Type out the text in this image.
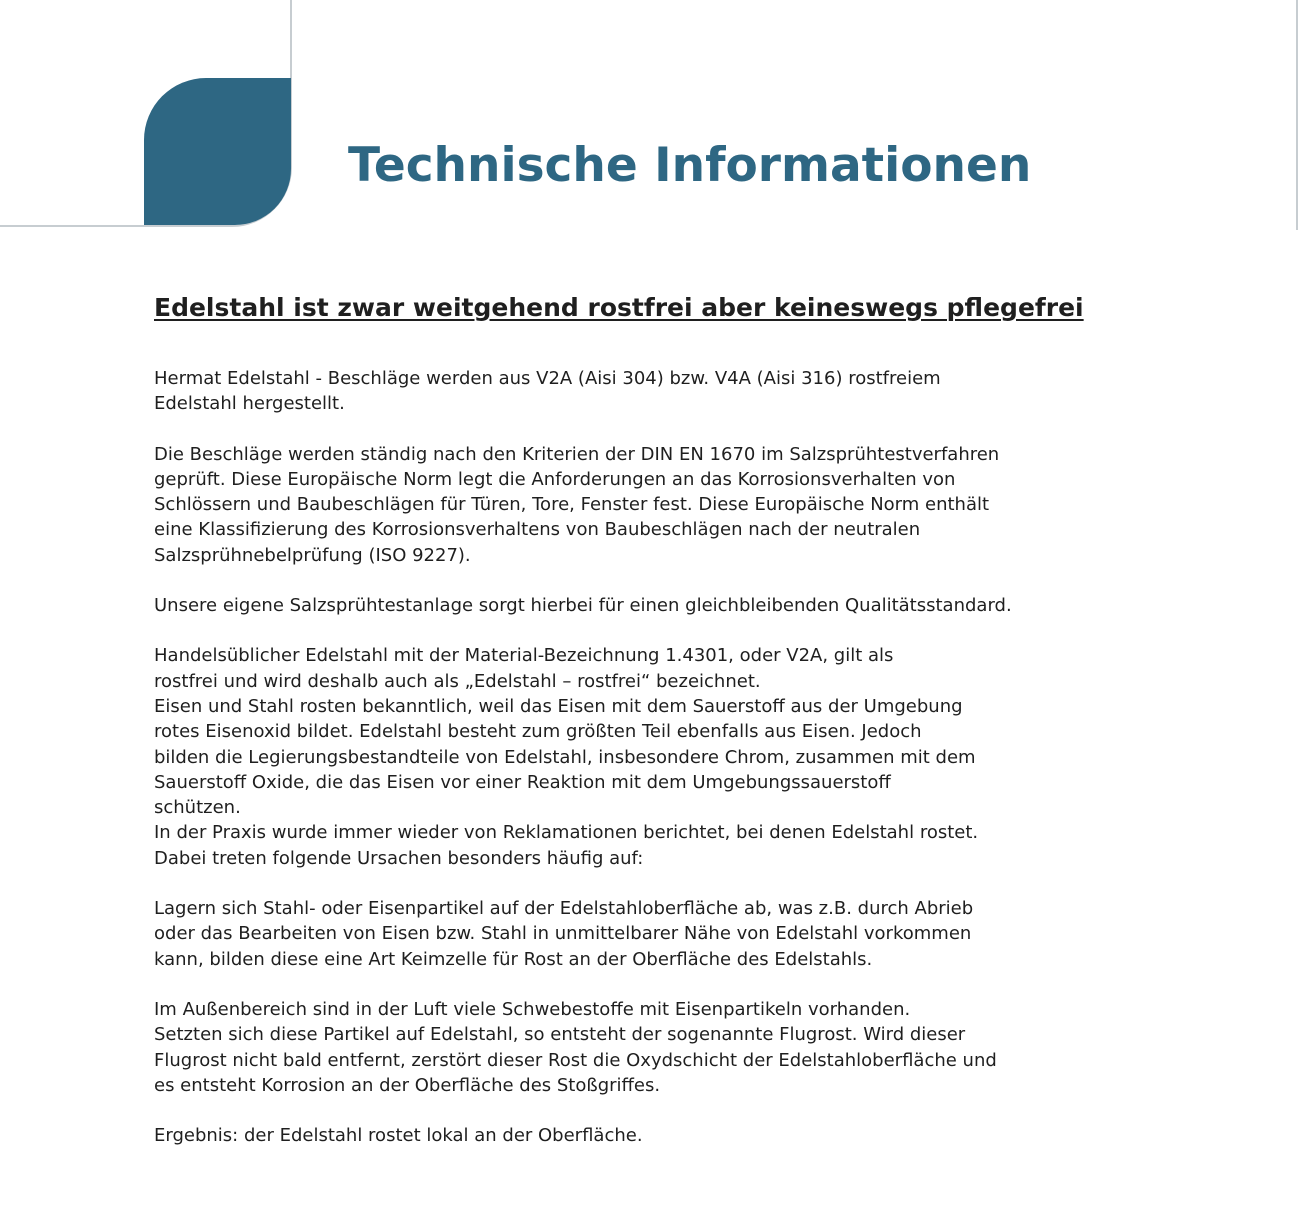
Technische Informationen
Edelstahl ist zwar weitgehend rostfrei aber keineswegs pflegefrei

Hermat Edelstahl - Beschläge werden aus V2A (Aisi 304) bzw. V4A (Aisi 316) rostfreiem
Edelstahl hergestellt.

Die Beschläge werden ständig nach den Kriterien der DIN EN 1670 im Salzsprühtestverfahren
geprüft. Diese Europäische Norm legt die Anforderungen an das Korrosionsverhalten von
Schlössern und Baubeschlägen für Türen, Tore, Fenster fest. Diese Europäische Norm enthält
eine Klassifizierung des Korrosionsverhaltens von Baubeschlägen nach der neutralen
Salzsprühnebelprüfung (ISO 9227).

Unsere eigene Salzsprühtestanlage sorgt hierbei für einen gleichbleibenden Qualitätsstandard.

Handelsüblicher Edelstahl mit der Material-Bezeichnung 1.4301, oder V2A, gilt als
rostfrei und wird deshalb auch als „Edelstahl – rostfrei“ bezeichnet.
Eisen und Stahl rosten bekanntlich, weil das Eisen mit dem Sauerstoff aus der Umgebung
rotes Eisenoxid bildet. Edelstahl besteht zum größten Teil ebenfalls aus Eisen. Jedoch
bilden die Legierungsbestandteile von Edelstahl, insbesondere Chrom, zusammen mit dem
Sauerstoff Oxide, die das Eisen vor einer Reaktion mit dem Umgebungssauerstoff
schützen.
In der Praxis wurde immer wieder von Reklamationen berichtet, bei denen Edelstahl rostet.
Dabei treten folgende Ursachen besonders häufig auf:

Lagern sich Stahl- oder Eisenpartikel auf der Edelstahloberfläche ab, was z.B. durch Abrieb
oder das Bearbeiten von Eisen bzw. Stahl in unmittelbarer Nähe von Edelstahl vorkommen
kann, bilden diese eine Art Keimzelle für Rost an der Oberfläche des Edelstahls.

Im Außenbereich sind in der Luft viele Schwebestoffe mit Eisenpartikeln vorhanden.
Setzten sich diese Partikel auf Edelstahl, so entsteht der sogenannte Flugrost. Wird dieser
Flugrost nicht bald entfernt, zerstört dieser Rost die Oxydschicht der Edelstahloberfläche und
es entsteht Korrosion an der Oberfläche des Stoßgriffes.

Ergebnis: der Edelstahl rostet lokal an der Oberfläche.
